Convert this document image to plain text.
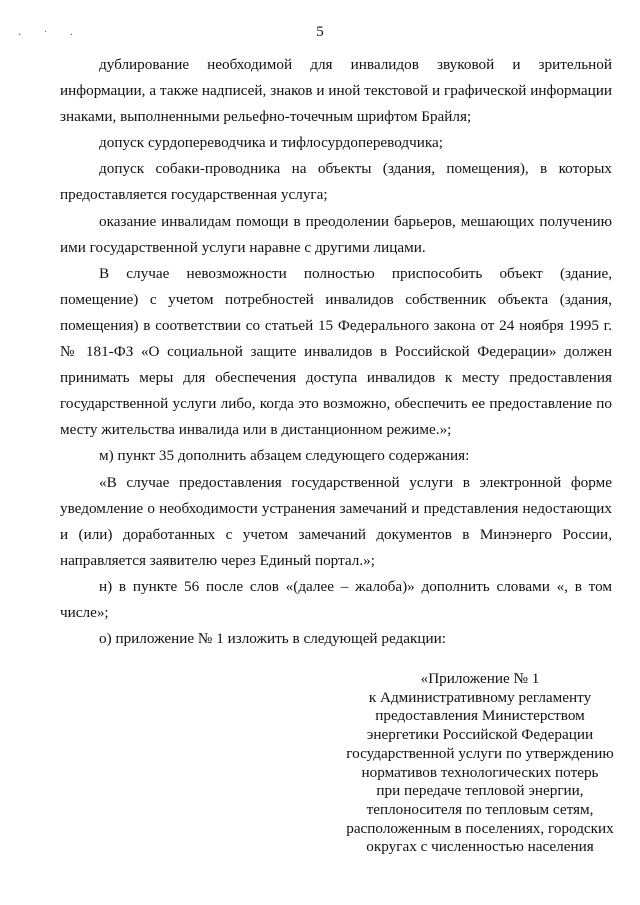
· ˙ ·	5

дублирование необходимой для инвалидов звуковой и зрительной информации, а также надписей, знаков и иной текстовой и графической информации знаками, выполненными рельефно-точечным шрифтом Брайля;

допуск сурдопереводчика и тифлосурдопереводчика;

допуск собаки-проводника на объекты (здания, помещения), в которых предоставляется государственная услуга;

оказание инвалидам помощи в преодолении барьеров, мешающих получению ими государственной услуги наравне с другими лицами.

В случае невозможности полностью приспособить объект (здание, помещение) с учетом потребностей инвалидов собственник объекта (здания, помещения) в соответствии со статьей 15 Федерального закона от 24 ноября 1995 г. № 181-ФЗ «О социальной защите инвалидов в Российской Федерации» должен принимать меры для обеспечения доступа инвалидов к месту предоставления государственной услуги либо, когда это возможно, обеспечить ее предоставление по месту жительства инвалида или в дистанционном режиме.»;

м) пункт 35 дополнить абзацем следующего содержания:

«В случае предоставления государственной услуги в электронной форме уведомление о необходимости устранения замечаний и представления недостающих и (или) доработанных с учетом замечаний документов в Минэнерго России, направляется заявителю через Единый портал.»;

н) в пункте 56 после слов «(далее – жалоба)» дополнить словами «, в том числе»;

о) приложение № 1 изложить в следующей редакции:

«Приложение № 1
к Административному регламенту
предоставления Министерством
энергетики Российской Федерации
государственной услуги по утверждению
нормативов технологических потерь
при передаче тепловой энергии,
теплоносителя по тепловым сетям,
расположенным в поселениях, городских
округах с численностью населения
